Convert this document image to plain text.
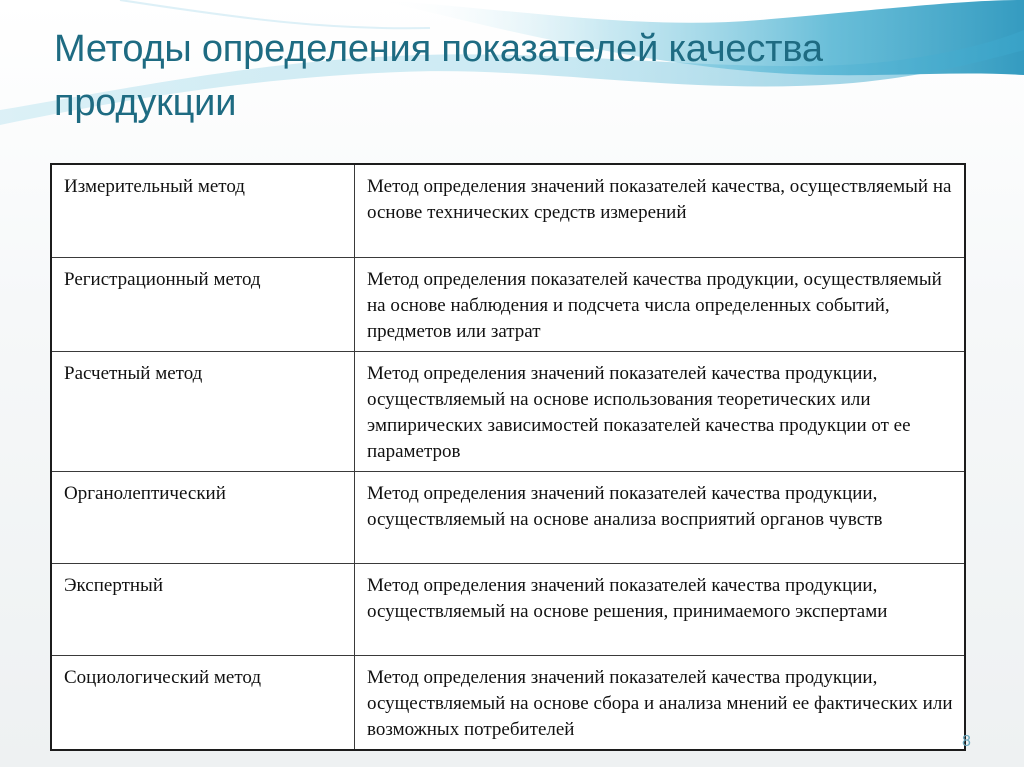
Методы определения показателей качества продукции
Измерительный метод	Метод определения значений показателей качества, осуществляемый на основе технических средств измерений
Регистрационный метод	Метод определения показателей качества продукции, осуществляемый на основе наблюдения и подсчета числа определенных событий, предметов или затрат
Расчетный метод	Метод определения значений показателей качества продукции, осуществляемый на основе использования теоретических или эмпирических зависимостей показателей качества продукции от ее параметров
Органолептический	Метод определения значений показателей качества продукции, осуществляемый на основе анализа восприятий органов чувств
Экспертный	Метод определения значений показателей качества продукции, осуществляемый на основе решения, принимаемого экспертами
Социологический метод	Метод определения значений показателей качества продукции, осуществляемый на основе сбора и анализа мнений ее фактических или возможных потребителей
8
